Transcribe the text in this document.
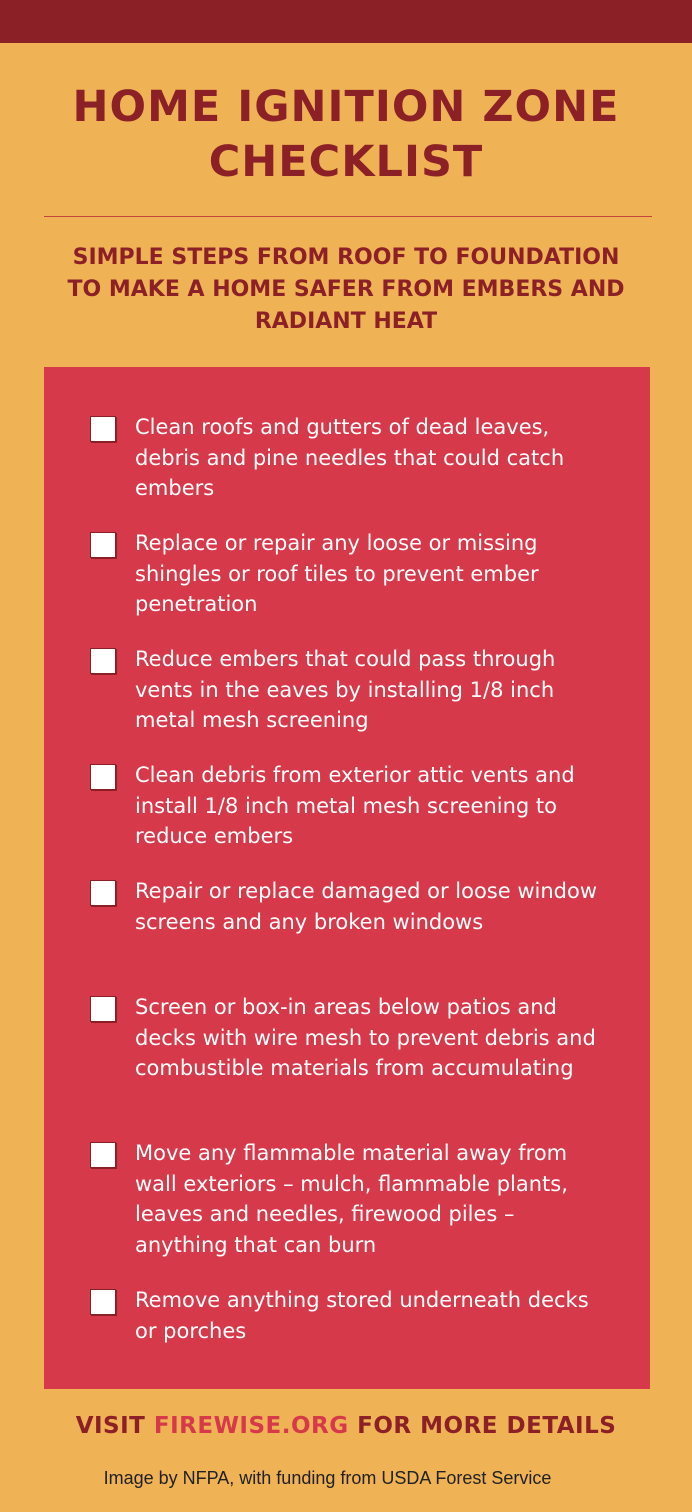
HOME IGNITION ZONE CHECKLIST

SIMPLE STEPS FROM ROOF TO FOUNDATION TO MAKE A HOME SAFER FROM EMBERS AND RADIANT HEAT

Clean roofs and gutters of dead leaves, debris and pine needles that could catch embers
Replace or repair any loose or missing shingles or roof tiles to prevent ember penetration
Reduce embers that could pass through vents in the eaves by installing 1/8 inch metal mesh screening
Clean debris from exterior attic vents and install 1/8 inch metal mesh screening to reduce embers
Repair or replace damaged or loose window screens and any broken windows
Screen or box-in areas below patios and decks with wire mesh to prevent debris and combustible materials from accumulating
Move any flammable material away from wall exteriors – mulch, flammable plants, leaves and needles, firewood piles – anything that can burn
Remove anything stored underneath decks or porches
VISIT FIREWISE.ORG FOR MORE DETAILS
Image by NFPA, with funding from USDA Forest Service
